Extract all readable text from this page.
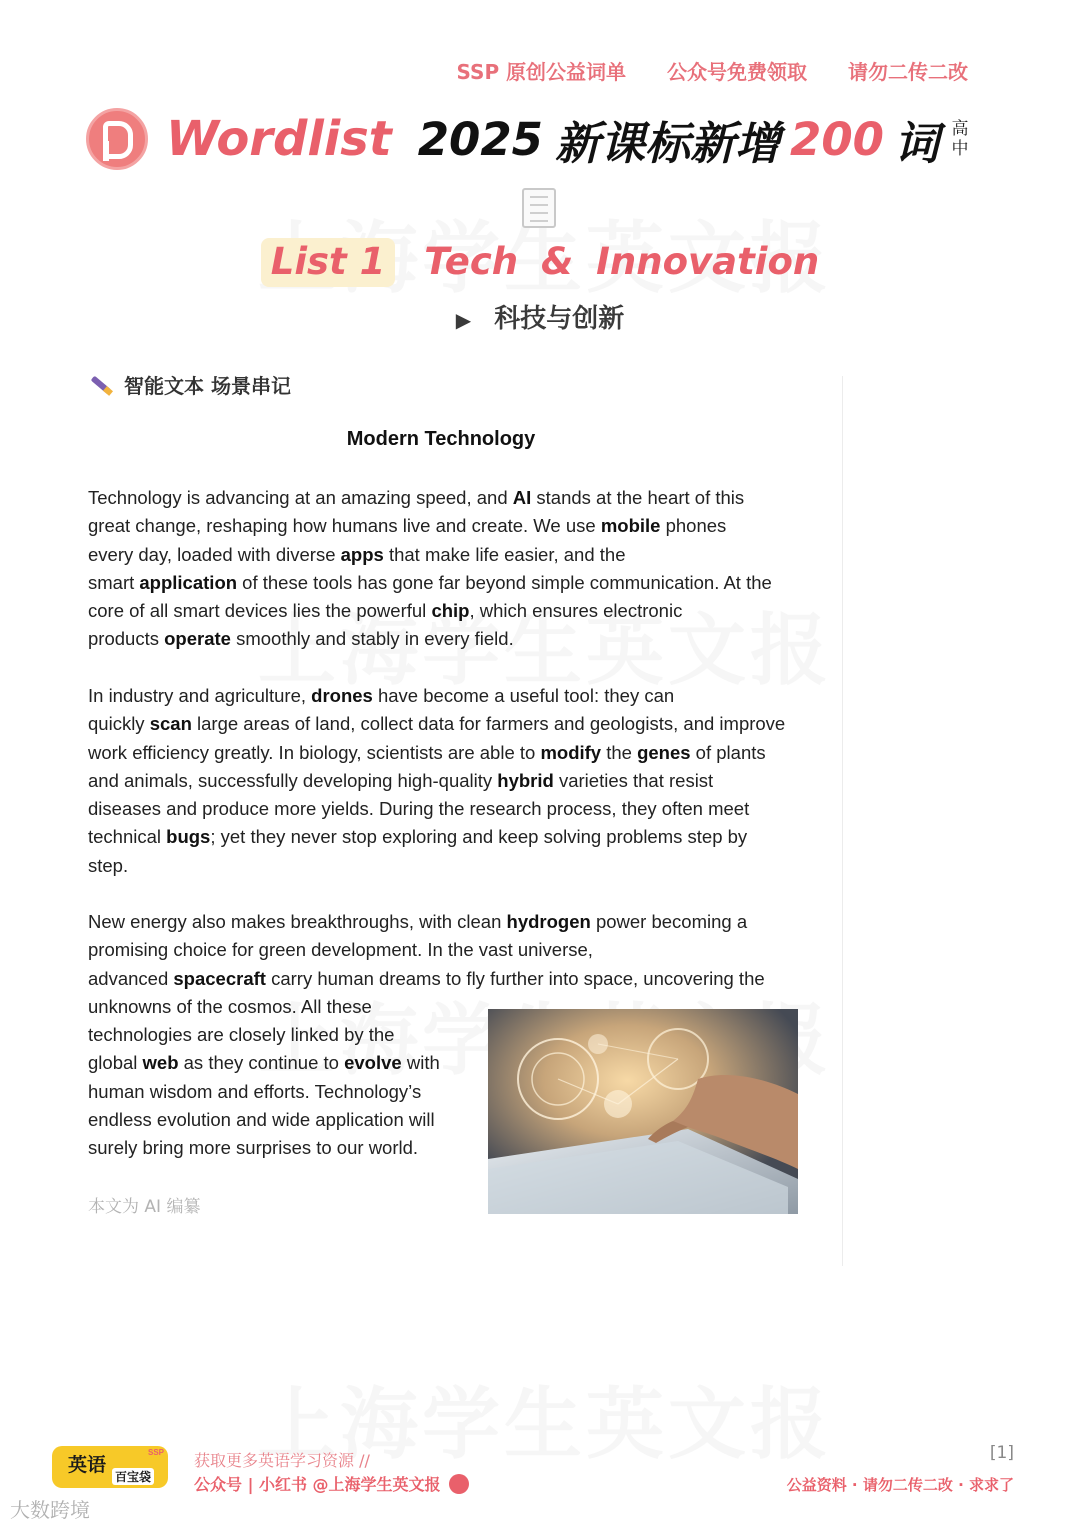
SSP 原创公益词单 公众号免费领取 请勿二传二改
Wordlist 2025 新课标新增 200 词 高
中
List 1 Tech & Innovation
▶ 科技与创新
智能文本 场景串记
Modern Technology

Technology is advancing at an amazing speed, and AI stands at the heart of this
great change, reshaping how humans live and create. We use mobile phones
every day, loaded with diverse apps that make life easier, and the
smart application of these tools has gone far beyond simple communication. At the
core of all smart devices lies the powerful chip, which ensures electronic
products operate smoothly and stably in every field.

In industry and agriculture, drones have become a useful tool: they can
quickly scan large areas of land, collect data for farmers and geologists, and improve
work efficiency greatly. In biology, scientists are able to modify the genes of plants
and animals, successfully developing high-quality hybrid varieties that resist
diseases and produce more yields. During the research process, they often meet
technical bugs; yet they never stop exploring and keep solving problems step by
step.

New energy also makes breakthroughs, with clean hydrogen power becoming a
promising choice for green development. In the vast universe,
advanced spacecraft carry human dreams to fly further into space, uncovering the
unknowns of the cosmos. All these
technologies are closely linked by the
global web as they continue to evolve with
human wisdom and efforts. Technology’s
endless evolution and wide application will
surely bring more surprises to our world.

本文为 AI 编纂
英语
百宝袋
SSP 获取更多英语学习资源 //
公众号 | 小红书 @上海学生英文报
[1]
公益资料 · 请勿二传二改 · 求求了
大数跨境
